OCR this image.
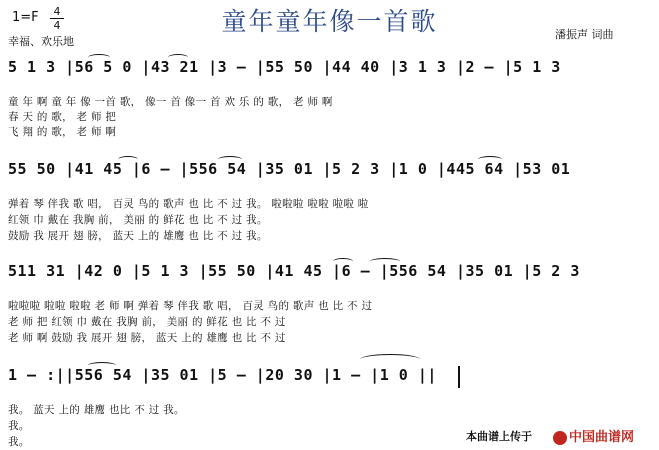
童年童年像一首歌
1=F	4
4
幸福、欢乐地
潘振声 词曲
5 1 3 |56 5 0 |43 21 |3 – |55 50 |44 40 |3 1 3 |2 – |5 1 3
童 年 啊 童 年 像 一首 歌， 像一 首 像一 首 欢 乐 的 歌， 老 师 啊
春 天 的 歌， 老 师 把
飞 翔 的 歌， 老 师 啊
55 50 |41 45 |6 – |556 54 |35 01 |5 2 3 |1 0 |445 64 |53 01
弹着 琴 伴我 歌 唱， 百灵 鸟的 歌声 也 比 不 过 我。 啦啦啦 啦啦 啦啦 啦
红领 巾 戴在 我胸 前， 美丽 的 鲜花 也 比 不 过 我。
鼓励 我 展开 翅 膀， 蓝天 上的 雄鹰 也 比 不 过 我。
511 31 |42 0 |5 1 3 |55 50 |41 45 |6 – |556 54 |35 01 |5 2 3
啦啦啦 啦啦 啦啦 老 师 啊 弹着 琴 伴我 歌 唱， 百灵 鸟的 歌声 也 比 不 过
老 师 把 红领 巾 戴在 我胸 前， 美丽 的 鲜花 也 比 不 过
老 师 啊 鼓励 我 展开 翅 膀， 蓝天 上的 雄鹰 也 比 不 过
1 – :||556 54 |35 01 |5 – |20 30 |1 – |1 0 ||
我。 蓝天 上的 雄鹰 也比 不 过 我。
我。
我。	本曲谱上传于	中国曲谱网
